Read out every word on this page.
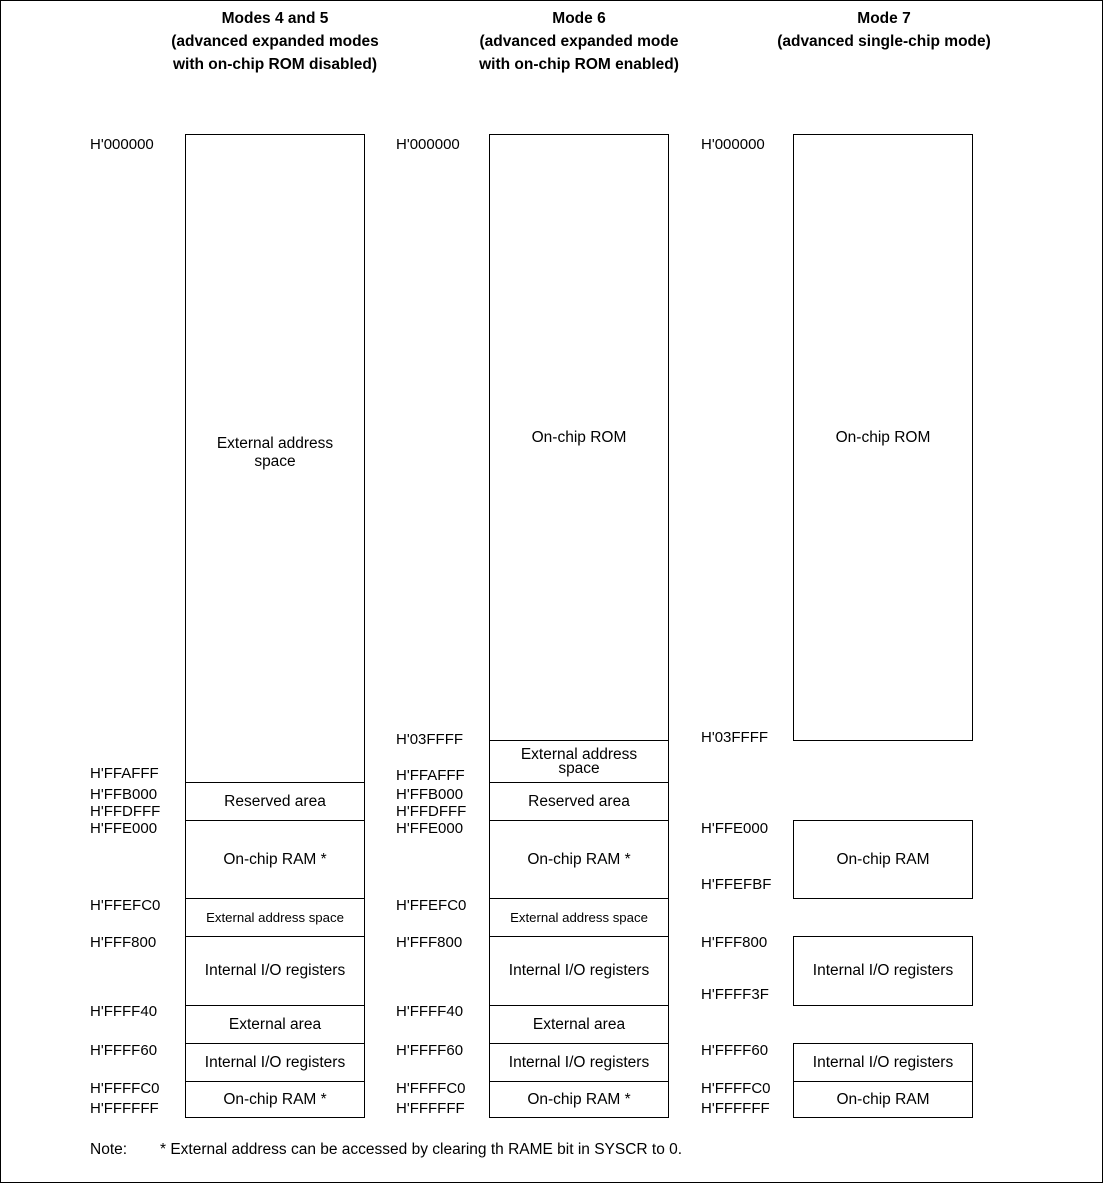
Modes 4 and 5
(advanced expanded modes
with on-chip ROM disabled)
Mode 6
(advanced expanded mode
with on-chip ROM enabled)
Mode 7
(advanced single-chip mode)
External address
space
Reserved area
On-chip RAM *
External address space
Internal I/O registers
External area
Internal I/O registers
On-chip RAM *
H'000000
H'FFAFFF
H'FFB000
H'FFDFFF
H'FFE000
H'FFEFC0
H'FFF800
H'FFFF40
H'FFFF60
H'FFFFC0
H'FFFFFF
On-chip ROM
External address
space
Reserved area
On-chip RAM *
External address space
Internal I/O registers
External area
Internal I/O registers
On-chip RAM *
H'000000
H'03FFFF
H'FFAFFF
H'FFB000
H'FFDFFF
H'FFE000
H'FFEFC0
H'FFF800
H'FFFF40
H'FFFF60
H'FFFFC0
H'FFFFFF
On-chip ROM
On-chip RAM
Internal I/O registers
Internal I/O registers
On-chip RAM
H'000000
H'03FFFF
H'FFE000
H'FFEFBF
H'FFF800
H'FFFF3F
H'FFFF60
H'FFFFC0
H'FFFFFF
Note: * External address can be accessed by clearing th RAME bit in SYSCR to 0.
